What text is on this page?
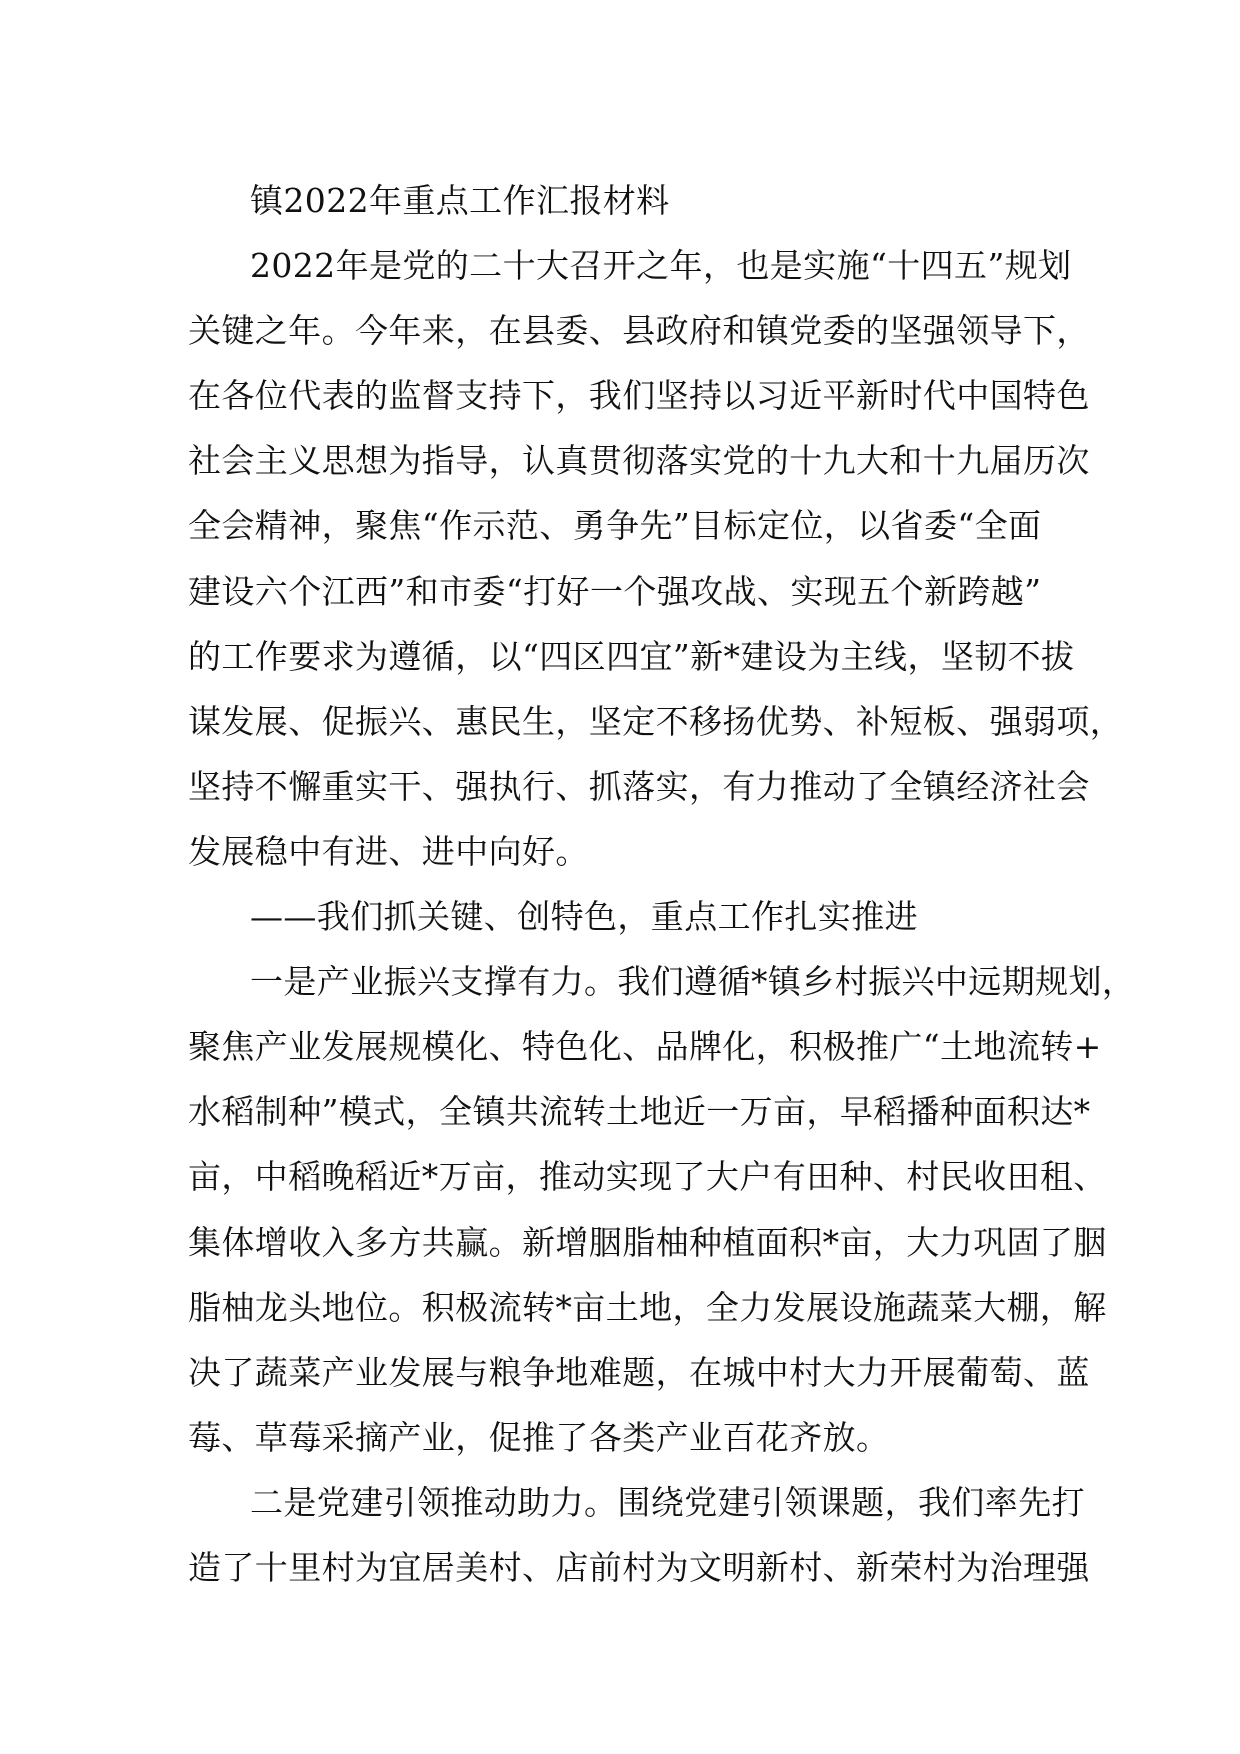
镇2022年重点工作汇报材料
2022年是党的二十大召开之年，也是实施“十四五”规划
关键之年。今年来，在县委、县政府和镇党委的坚强领导下，
在各位代表的监督支持下，我们坚持以习近平新时代中国特色
社会主义思想为指导，认真贯彻落实党的十九大和十九届历次
全会精神，聚焦“作示范、勇争先”目标定位，以省委“全面
建设六个江西”和市委“打好一个强攻战、实现五个新跨越”
的工作要求为遵循，以“四区四宜”新*建设为主线，坚韧不拔
谋发展、促振兴、惠民生，坚定不移扬优势、补短板、强弱项，
坚持不懈重实干、强执行、抓落实，有力推动了全镇经济社会
发展稳中有进、进中向好。
——我们抓关键、创特色，重点工作扎实推进
一是产业振兴支撑有力。我们遵循*镇乡村振兴中远期规划，
聚焦产业发展规模化、特色化、品牌化，积极推广“土地流转+
水稻制种”模式，全镇共流转土地近一万亩，早稻播种面积达*
亩，中稻晚稻近*万亩，推动实现了大户有田种、村民收田租、
集体增收入多方共赢。新增胭脂柚种植面积*亩，大力巩固了胭
脂柚龙头地位。积极流转*亩土地，全力发展设施蔬菜大棚，解
决了蔬菜产业发展与粮争地难题，在城中村大力开展葡萄、蓝
莓、草莓采摘产业，促推了各类产业百花齐放。
二是党建引领推动助力。围绕党建引领课题，我们率先打
造了十里村为宜居美村、店前村为文明新村、新荣村为治理强
